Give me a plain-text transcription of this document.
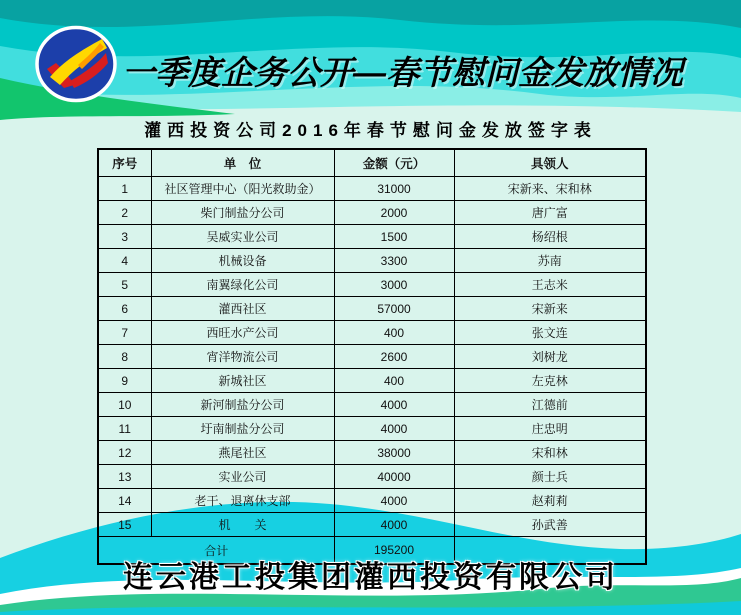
一季度企务公开—春节慰问金发放情况
灌西投资公司2016年春节慰问金发放签字表
序号	单　位	金额（元）	具领人
1	社区管理中心（阳光救助金）	31000	宋新来、宋和林
2	柴门制盐分公司	2000	唐广富
3	吴威实业公司	1500	杨绍根
4	机械设备	3300	苏南
5	南翼绿化公司	3000	王志米
6	灌西社区	57000	宋新来
7	西旺水产公司	400	张文连
8	宵洋物流公司	2600	刘树龙
9	新城社区	400	左克林
10	新河制盐分公司	4000	江德前
11	圩南制盐分公司	4000	庄忠明
12	燕尾社区	38000	宋和林
13	实业公司	40000	颜士兵
14	老干、退离休支部	4000	赵莉莉
15	机　　关	4000	孙武善
合计		195200	
连云港工投集团灌西投资有限公司
